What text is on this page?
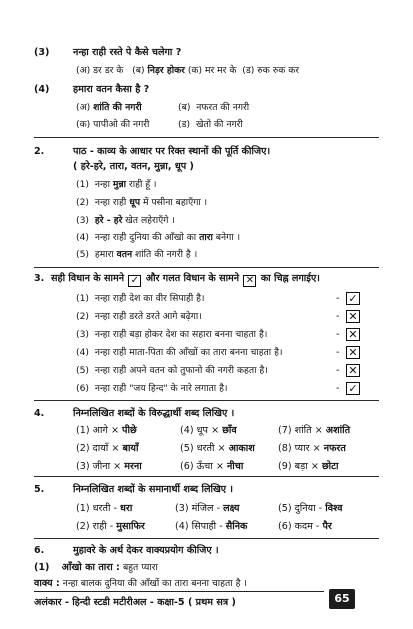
(3) नन्हा राही रस्ते पे कैसे चलेगा ?
(अ) डर डर के (ब) निड़र होकर (क) मर मर के (ड) रुक रुक कर
(4) हमारा वतन कैसा है ?
(अ) शांति की नगरी	(ब) नफरत की नगरी
(क) पापीओ की नगरी	(ड) खेतो की नगरी
2.	पाठ - काव्य के आधार पर रिक्त स्थानों की पूर्ति कीजिए।
( हरे-हरे, तारा, वतन, मुन्ना, धूप )
(1) नन्हा मुन्ना राही हूँ ।
(2) नन्हा राही धूप में पसीना बहाएँगा ।
(3) हरे - हरे खेत लहेराएँगे ।
(4) नन्हा राही दुनिया की आँखो का तारा बनेगा ।
(5) हमारा वतन शांति की नगरी है ।
3. सही विधान के सामने ✓ और गलत विधान के सामने ✕ का चिह्न लगाईए।
(1) नन्हा राही देश का वीर सिपाही है।	- ✓
(2) नन्हा राही डरते डरते आगे बढ़ेगा।	- ✕
(3) नन्हा राही बड़ा होकर देश का सहारा बनना चाहता है।	- ✕
(4) नन्हा राही माता-पिता की आँखों का तारा बनना चाहता है।	- ✕
(5) नन्हा राही अपने वतन को तुफानो की नगरी कहता है।	- ✕
(6) नन्हा राही "जय हिन्द" के नारे लगाता है।	- ✓
4.	निम्नलिखित शब्दों के विरुद्धार्थी शब्द लिखिए ।
(1) आगे × पीछे	(4) धूप × छाँव	(7) शांति × अशांति
(2) दायाँ × बायाँ	(5) धरती × आकाश (8) प्यार × नफरत
(3) जीना × मरना	(6) ऊँचा × नीचा	(9) बड़ा × छोटा
5.	निम्नलिखित शब्दों के समानार्थी शब्द लिखिए ।
(1) धरती - धरा	(3) मंजिल - लक्ष्य	(5) दुनिया - विश्व
(2) राही - मुसाफिर	(4) सिपाही - सैनिक	(6) कदम - पैर
6.	मुहावरे के अर्थ देकर वाक्यप्रयोग कीजिए ।
(1) आँखो का तारा : बहुत प्यारा
वाक्य : नन्हा बालक दुनिया की आँखों का तारा बनना चाहता है ।
अलंकार - हिन्दी स्टडी मटीरीअल - कक्षा-5 ( प्रथम सत्र )	65
